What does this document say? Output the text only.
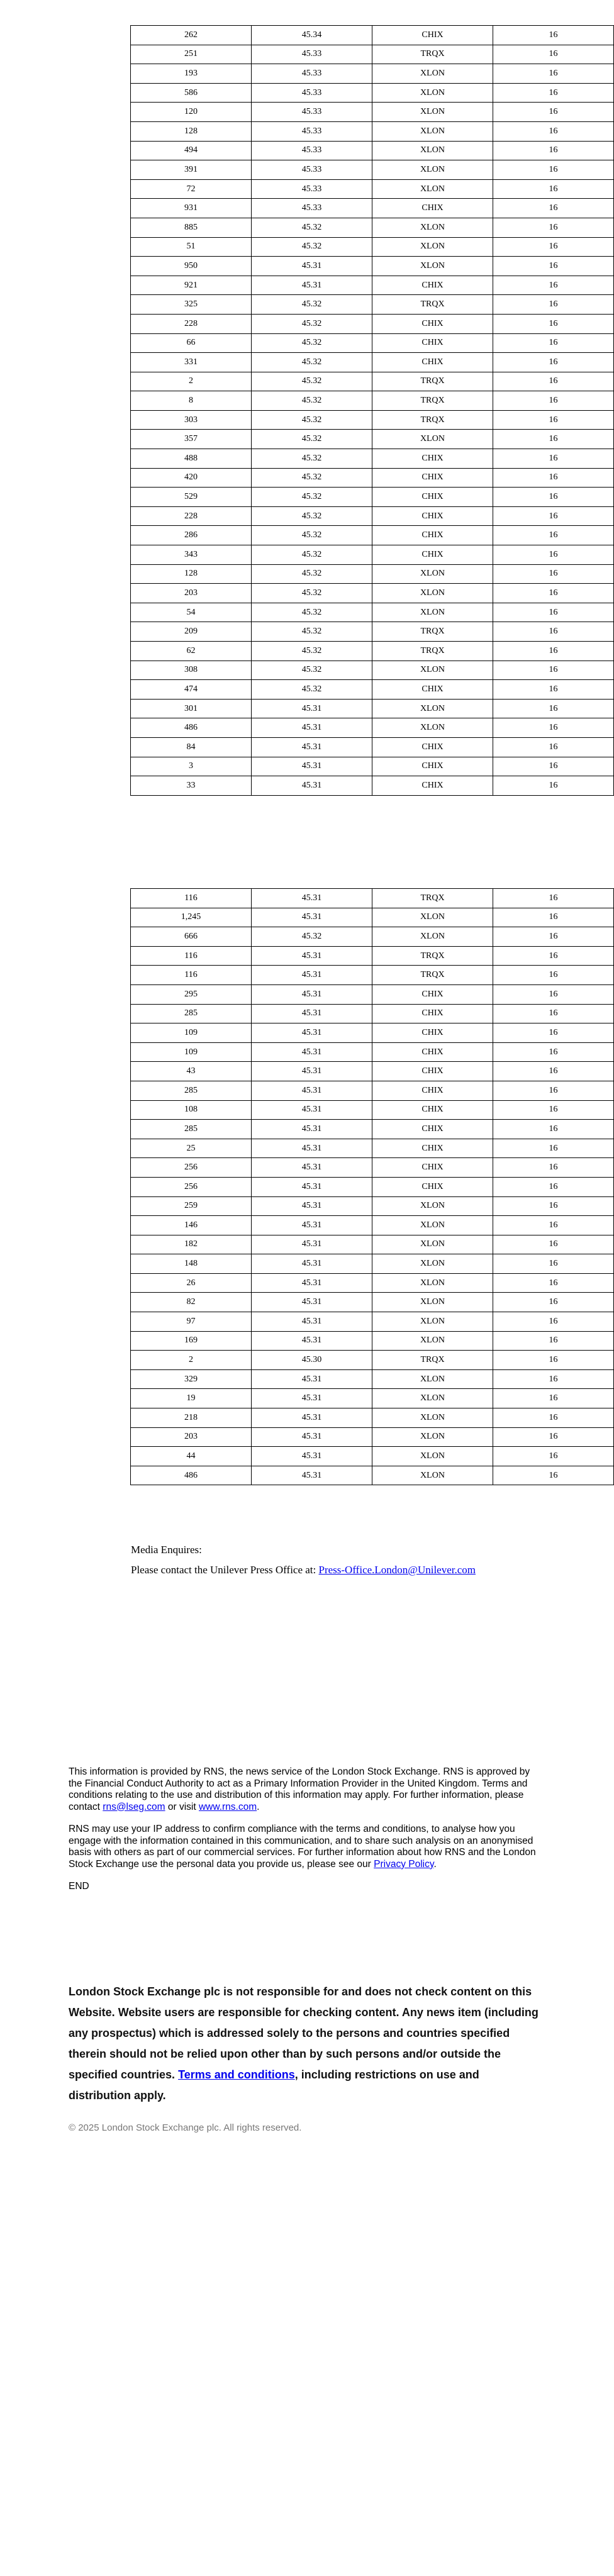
262	45.34	CHIX	16
251	45.33	TRQX	16
193	45.33	XLON	16
586	45.33	XLON	16
120	45.33	XLON	16
128	45.33	XLON	16
494	45.33	XLON	16
391	45.33	XLON	16
72	45.33	XLON	16
931	45.33	CHIX	16
885	45.32	XLON	16
51	45.32	XLON	16
950	45.31	XLON	16
921	45.31	CHIX	16
325	45.32	TRQX	16
228	45.32	CHIX	16
66	45.32	CHIX	16
331	45.32	CHIX	16
2	45.32	TRQX	16
8	45.32	TRQX	16
303	45.32	TRQX	16
357	45.32	XLON	16
488	45.32	CHIX	16
420	45.32	CHIX	16
529	45.32	CHIX	16
228	45.32	CHIX	16
286	45.32	CHIX	16
343	45.32	CHIX	16
128	45.32	XLON	16
203	45.32	XLON	16
54	45.32	XLON	16
209	45.32	TRQX	16
62	45.32	TRQX	16
308	45.32	XLON	16
474	45.32	CHIX	16
301	45.31	XLON	16
486	45.31	XLON	16
84	45.31	CHIX	16
3	45.31	CHIX	16
33	45.31	CHIX	16
116	45.31	TRQX	16
1,245	45.31	XLON	16
666	45.32	XLON	16
116	45.31	TRQX	16
116	45.31	TRQX	16
295	45.31	CHIX	16
285	45.31	CHIX	16
109	45.31	CHIX	16
109	45.31	CHIX	16
43	45.31	CHIX	16
285	45.31	CHIX	16
108	45.31	CHIX	16
285	45.31	CHIX	16
25	45.31	CHIX	16
256	45.31	CHIX	16
256	45.31	CHIX	16
259	45.31	XLON	16
146	45.31	XLON	16
182	45.31	XLON	16
148	45.31	XLON	16
26	45.31	XLON	16
82	45.31	XLON	16
97	45.31	XLON	16
169	45.31	XLON	16
2	45.30	TRQX	16
329	45.31	XLON	16
19	45.31	XLON	16
218	45.31	XLON	16
203	45.31	XLON	16
44	45.31	XLON	16
486	45.31	XLON	16
Media Enquires:
Please contact the Unilever Press Office at: Press-Office.London@Unilever.com

This information is provided by RNS, the news service of the London Stock Exchange. RNS is approved by the Financial Conduct Authority to act as a Primary Information Provider in the United Kingdom. Terms and conditions relating to the use and distribution of this information may apply. For further information, please contact rns@lseg.com or visit www.rns.com.

RNS may use your IP address to confirm compliance with the terms and conditions, to analyse how you engage with the information contained in this communication, and to share such analysis on an anonymised basis with others as part of our commercial services. For further information about how RNS and the London Stock Exchange use the personal data you provide us, please see our Privacy Policy.

END

London Stock Exchange plc is not responsible for and does not check content on this Website. Website users are responsible for checking content. Any news item (including any prospectus) which is addressed solely to the persons and countries specified therein should not be relied upon other than by such persons and/or outside the specified countries. Terms and conditions, including restrictions on use and distribution apply.
© 2025 London Stock Exchange plc. All rights reserved.
